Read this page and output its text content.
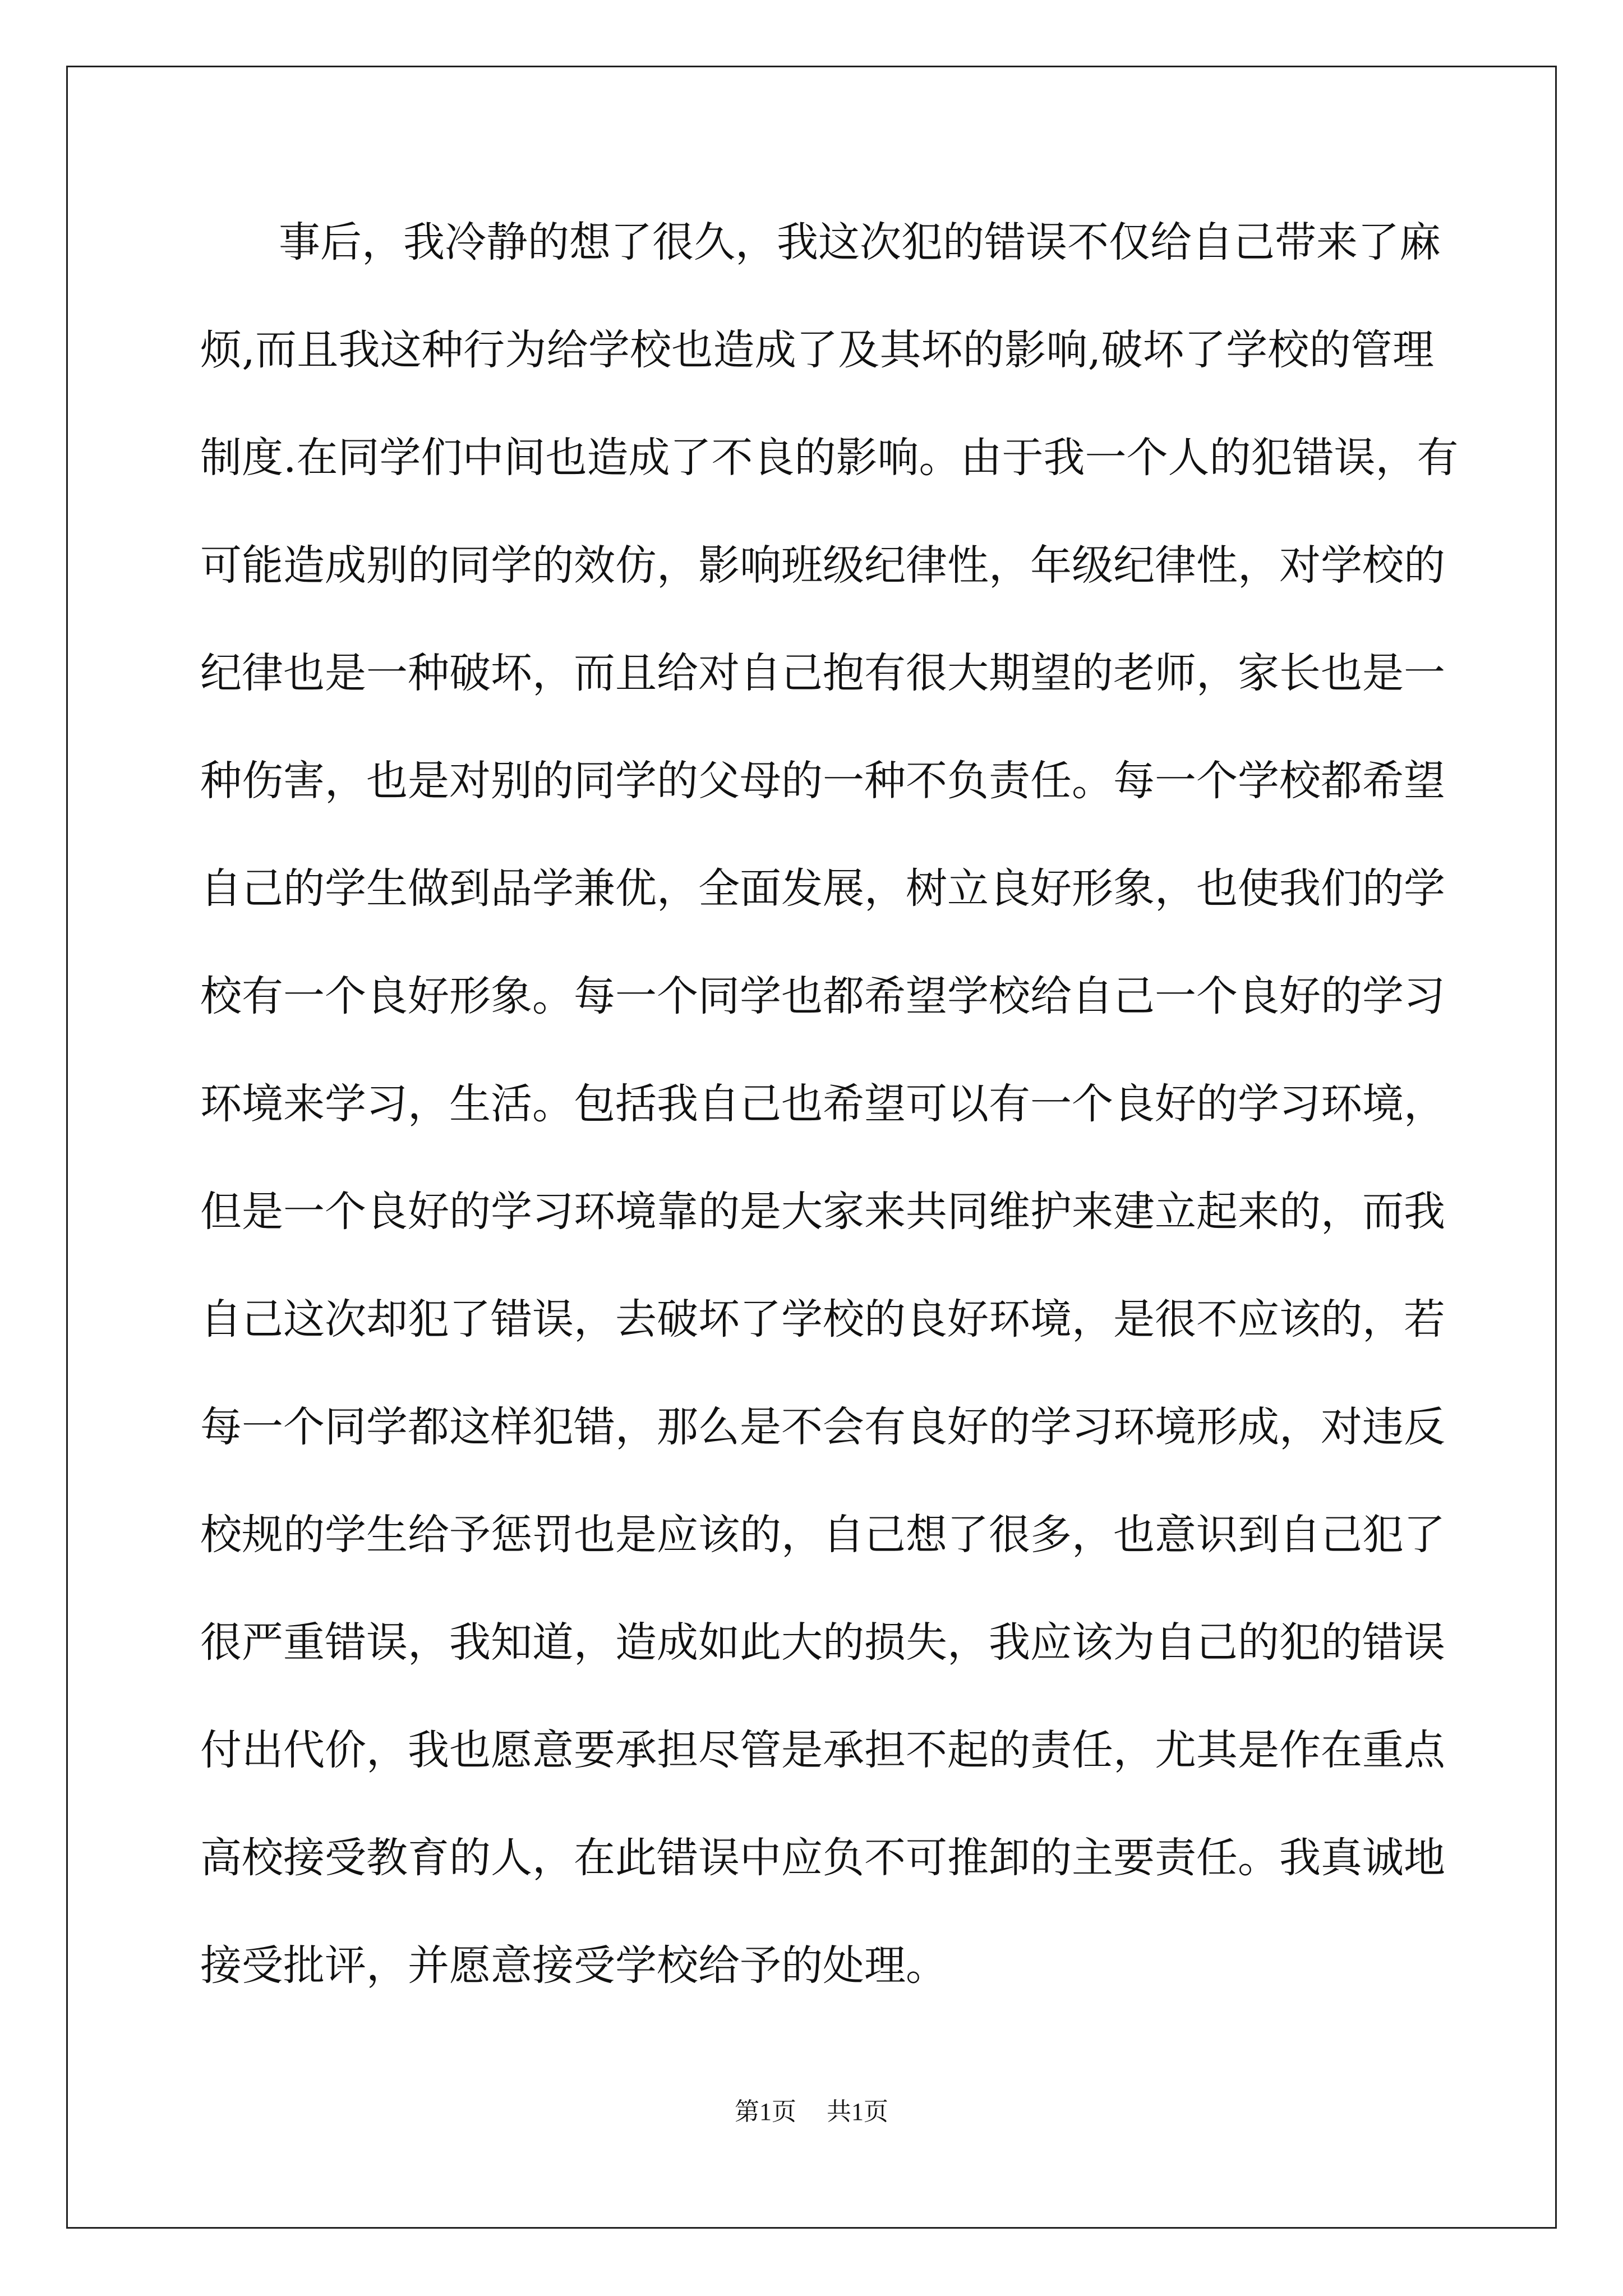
事后，我冷静的想了很久，我这次犯的错误不仅给自己带来了麻
烦,而且我这种行为给学校也造成了及其坏的影响,破坏了学校的管理
制度.在同学们中间也造成了不良的影响。由于我一个人的犯错误，有
可能造成别的同学的效仿，影响班级纪律性，年级纪律性，对学校的
纪律也是一种破坏，而且给对自己抱有很大期望的老师，家长也是一
种伤害，也是对别的同学的父母的一种不负责任。每一个学校都希望
自己的学生做到品学兼优，全面发展，树立良好形象，也使我们的学
校有一个良好形象。每一个同学也都希望学校给自己一个良好的学习
环境来学习，生活。包括我自己也希望可以有一个良好的学习环境，
但是一个良好的学习环境靠的是大家来共同维护来建立起来的，而我
自己这次却犯了错误，去破坏了学校的良好环境，是很不应该的，若
每一个同学都这样犯错，那么是不会有良好的学习环境形成，对违反
校规的学生给予惩罚也是应该的，自己想了很多，也意识到自己犯了
很严重错误，我知道，造成如此大的损失，我应该为自己的犯的错误
付出代价，我也愿意要承担尽管是承担不起的责任，尤其是作在重点
高校接受教育的人，在此错误中应负不可推卸的主要责任。我真诚地
接受批评，并愿意接受学校给予的处理。
第1页 共1页
